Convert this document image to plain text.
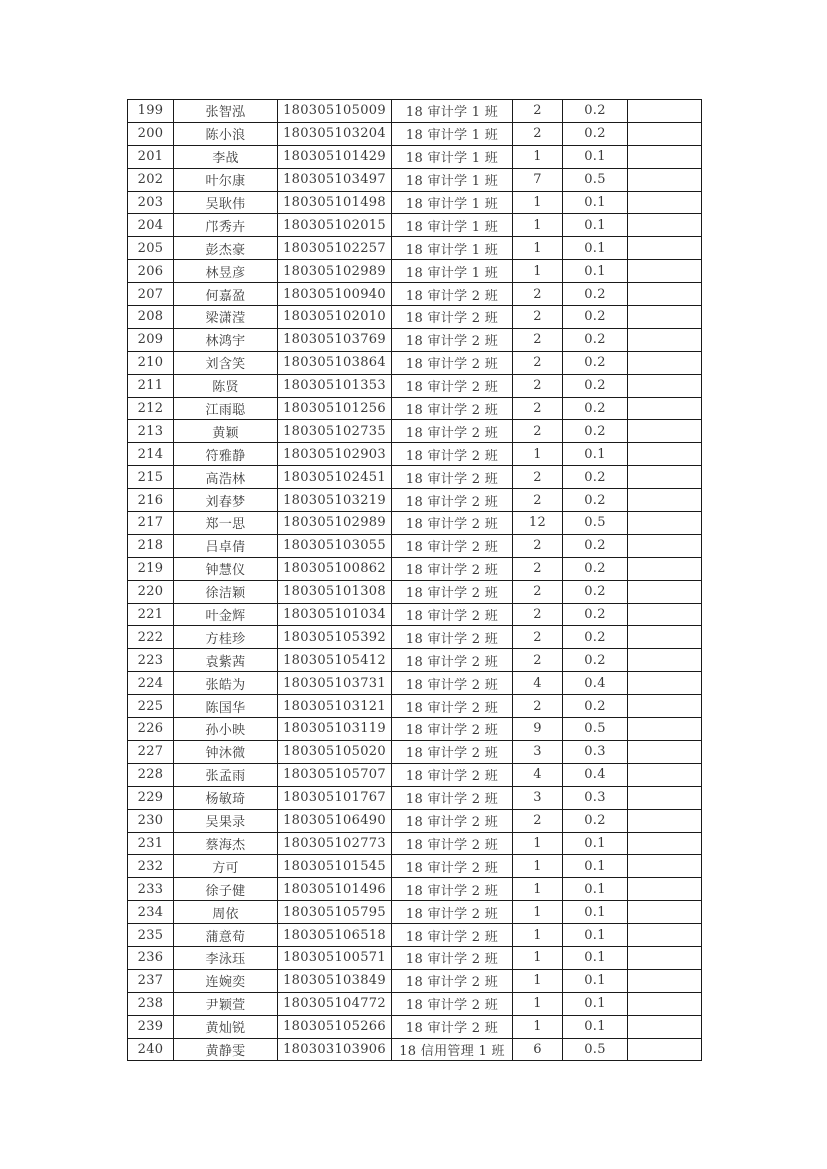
199	张智泓	180305105009	18 审计学 1 班	2	0.2	
200	陈小浪	180305103204	18 审计学 1 班	2	0.2	
201	李战	180305101429	18 审计学 1 班	1	0.1	
202	叶尔康	180305103497	18 审计学 1 班	7	0.5	
203	吴耿伟	180305101498	18 审计学 1 班	1	0.1	
204	邝秀卉	180305102015	18 审计学 1 班	1	0.1	
205	彭杰豪	180305102257	18 审计学 1 班	1	0.1	
206	林昱彦	180305102989	18 审计学 1 班	1	0.1	
207	何嘉盈	180305100940	18 审计学 2 班	2	0.2	
208	梁潇滢	180305102010	18 审计学 2 班	2	0.2	
209	林鸿宇	180305103769	18 审计学 2 班	2	0.2	
210	刘含笑	180305103864	18 审计学 2 班	2	0.2	
211	陈贤	180305101353	18 审计学 2 班	2	0.2	
212	江雨聪	180305101256	18 审计学 2 班	2	0.2	
213	黄颖	180305102735	18 审计学 2 班	2	0.2	
214	符雅静	180305102903	18 审计学 2 班	1	0.1	
215	高浩林	180305102451	18 审计学 2 班	2	0.2	
216	刘春梦	180305103219	18 审计学 2 班	2	0.2	
217	郑一思	180305102989	18 审计学 2 班	12	0.5	
218	吕卓倩	180305103055	18 审计学 2 班	2	0.2	
219	钟慧仪	180305100862	18 审计学 2 班	2	0.2	
220	徐洁颖	180305101308	18 审计学 2 班	2	0.2	
221	叶金辉	180305101034	18 审计学 2 班	2	0.2	
222	方桂珍	180305105392	18 审计学 2 班	2	0.2	
223	袁紫茜	180305105412	18 审计学 2 班	2	0.2	
224	张皓为	180305103731	18 审计学 2 班	4	0.4	
225	陈国华	180305103121	18 审计学 2 班	2	0.2	
226	孙小映	180305103119	18 审计学 2 班	9	0.5	
227	钟沐微	180305105020	18 审计学 2 班	3	0.3	
228	张孟雨	180305105707	18 审计学 2 班	4	0.4	
229	杨敏琦	180305101767	18 审计学 2 班	3	0.3	
230	吴果录	180305106490	18 审计学 2 班	2	0.2	
231	蔡海杰	180305102773	18 审计学 2 班	1	0.1	
232	方可	180305101545	18 审计学 2 班	1	0.1	
233	徐子健	180305101496	18 审计学 2 班	1	0.1	
234	周依	180305105795	18 审计学 2 班	1	0.1	
235	蒲意荀	180305106518	18 审计学 2 班	1	0.1	
236	李泳珏	180305100571	18 审计学 2 班	1	0.1	
237	连婉奕	180305103849	18 审计学 2 班	1	0.1	
238	尹颖萱	180305104772	18 审计学 2 班	1	0.1	
239	黄灿锐	180305105266	18 审计学 2 班	1	0.1	
240	黄静雯	180303103906	18 信用管理 1 班	6	0.5	
